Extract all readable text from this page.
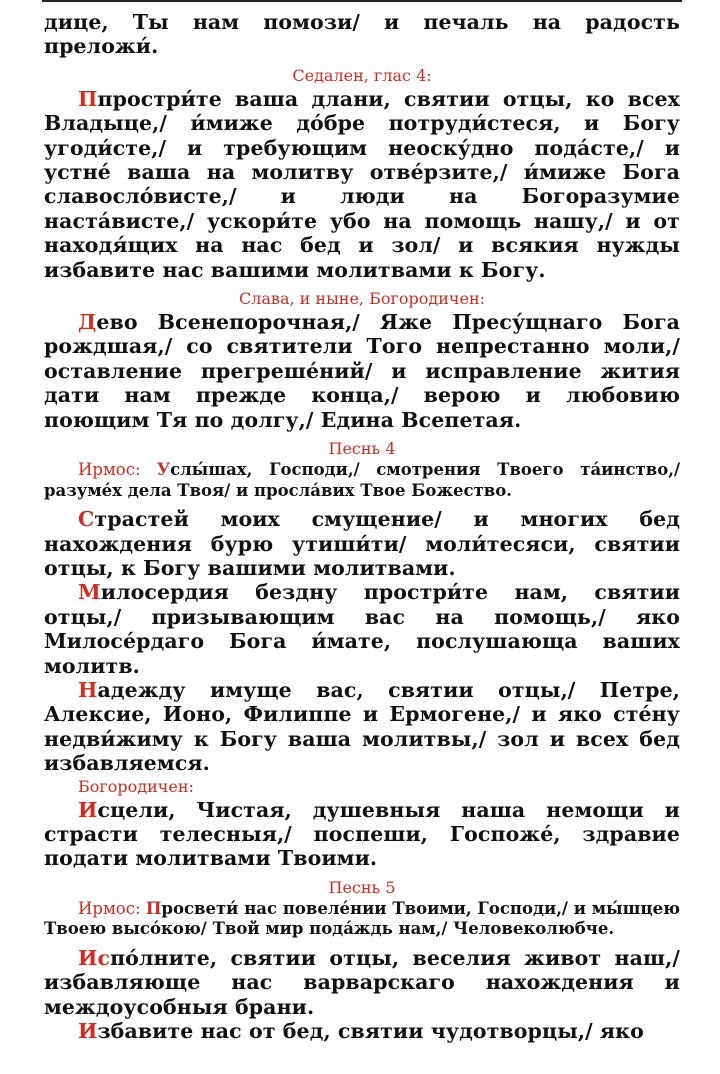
дице, Ты нам помози/ и печаль на радость преложи́.

Седален, глас 4:

Ппростри́те ваша длани, святии отцы, ко всех Владыце,/ и́миже до́бре потруди́стеся, и Богу угоди́сте,/ и требующим неоску́дно пода́сте,/ и устне́ ваша на молитву отве́рзите,/ и́миже Бога славосло́висте,/ и люди на Богоразумие наста́висте,/ ускори́те убо на помощь нашу,/ и от находя́щих на нас бед и зол/ и всякия нужды избавите нас вашими молитвами к Богу.

Слава, и ныне, Богородичен:

Дево Всенепорочная,/ Яже Пресу́щнаго Бога рождшая,/ со святители Того непрестанно моли,/ оставление прегреше́ний/ и исправление жития дати нам прежде конца,/ верою и любовию поющим Тя по долгу,/ Едина Всепетая.

Песнь 4

Ирмос: Услы́шах, Господи,/ смотрения Твоего та́инство,/ разуме́х дела Твоя/ и просла́вих Твое Божество.

Страстей моих смущение/ и многих бед нахождения бурю утиши́ти/ моли́тесяси, святии отцы, к Богу вашими молитвами.

Милосердия бездну простри́те нам, святии отцы,/ призывающим вас на помощь,/ яко Милосе́рдаго Бога и́мате, послушающа ваших молитв.

Надежду имуще вас, святии отцы,/ Петре, Алексие, Ионо, Филиппе и Ермогене,/ и яко сте́ну недви́жиму к Богу ваша молитвы,/ зол и всех бед избавляемся.

Богородичен:

Исцели, Чистая, душевныя наша немощи и страсти телесныя,/ поспеши, Госпоже́, здравие подати молитвами Твоими.

Песнь 5

Ирмос: Просвети́ нас повеле́нии Твоими, Господи,/ и мы́шцею Твоею высо́кою/ Твой мир пода́ждь нам,/ Человеколюбче.

Испо́лните, святии отцы, веселия живот наш,/ избавляюще нас варварскаго нахождения и междоусобныя брани.

Избавите нас от бед, святии чудотворцы,/ яко
